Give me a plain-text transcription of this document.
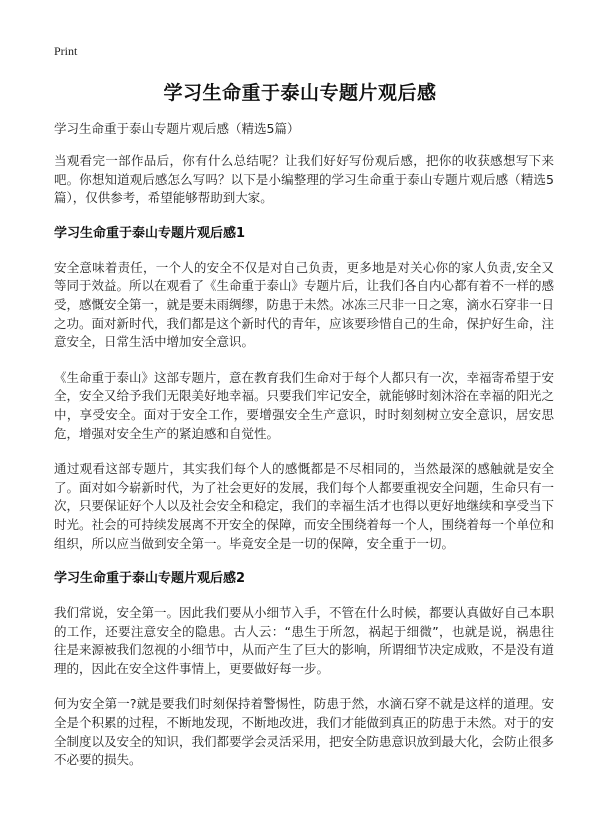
Print
学习生命重于泰山专题片观后感

学习生命重于泰山专题片观后感（精选5篇）

当观看完一部作品后，你有什么总结呢？让我们好好写份观后感，把你的收获感想写下来吧。你想知道观后感怎么写吗？以下是小编整理的学习生命重于泰山专题片观后感（精选5篇），仅供参考，希望能够帮助到大家。

学习生命重于泰山专题片观后感1

安全意味着责任，一个人的安全不仅是对自己负责，更多地是对关心你的家人负责,安全又等同于效益。所以在观看了《生命重于泰山》专题片后，让我们各自内心都有着不一样的感受，感慨安全第一，就是要未雨绸缪，防患于未然。冰冻三尺非一日之寒，滴水石穿非一日之功。面对新时代，我们都是这个新时代的青年，应该要珍惜自己的生命，保护好生命，注意安全，日常生活中增加安全意识。

《生命重于泰山》这部专题片，意在教育我们生命对于每个人都只有一次，幸福寄希望于安全，安全又给予我们无限美好地幸福。只要我们牢记安全，就能够时刻沐浴在幸福的阳光之中，享受安全。面对于安全工作，要增强安全生产意识，时时刻刻树立安全意识，居安思危，增强对安全生产的紧迫感和自觉性。

通过观看这部专题片，其实我们每个人的感慨都是不尽相同的，当然最深的感触就是安全了。面对如今崭新时代，为了社会更好的发展，我们每个人都要重视安全问题，生命只有一次，只要保证好个人以及社会安全和稳定，我们的幸福生活才也得以更好地继续和享受当下时光。社会的可持续发展离不开安全的保障，而安全围绕着每一个人，围绕着每一个单位和组织，所以应当做到安全第一。毕竟安全是一切的保障，安全重于一切。

学习生命重于泰山专题片观后感2

我们常说，安全第一。因此我们要从小细节入手，不管在什么时候，都要认真做好自己本职的工作，还要注意安全的隐患。古人云：“患生于所忽，祸起于细微”，也就是说，祸患往往是来源被我们忽视的小细节中，从而产生了巨大的影响，所谓细节决定成败，不是没有道理的，因此在安全这件事情上，更要做好每一步。

何为安全第一?就是要我们时刻保持着警惕性，防患于然，水滴石穿不就是这样的道理。安全是个积累的过程，不断地发现，不断地改进，我们才能做到真正的防患于未然。对于的安全制度以及安全的知识，我们都要学会灵活采用，把安全防患意识放到最大化，会防止很多不必要的损失。
